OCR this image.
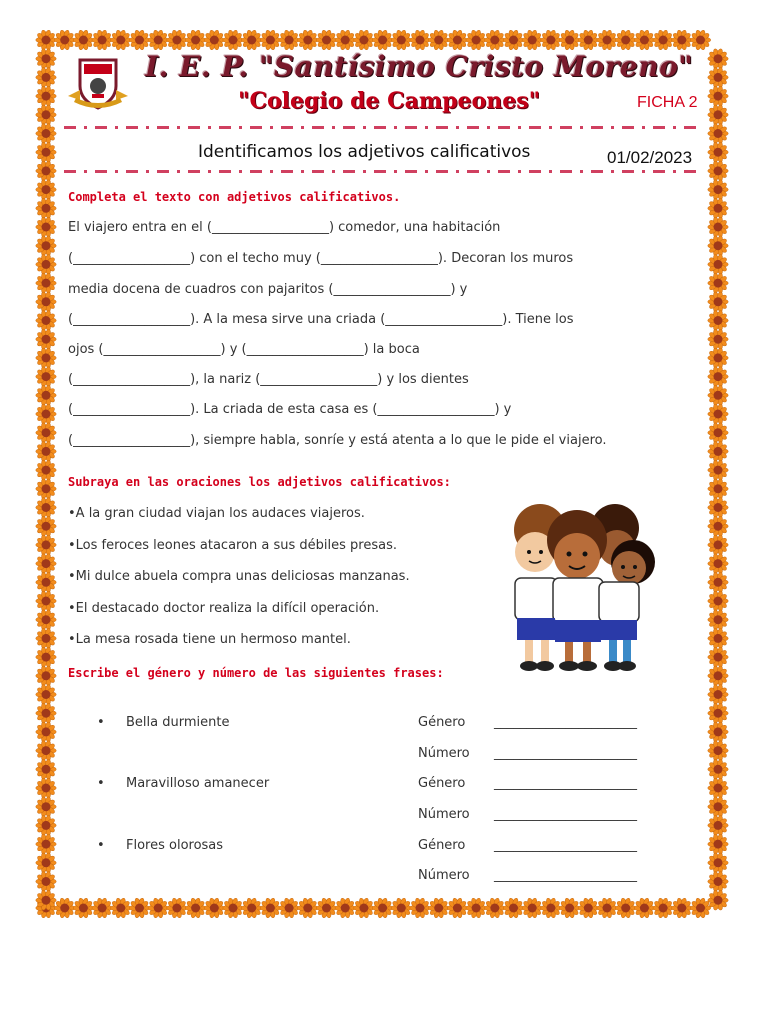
I. E. P. "Santísimo Cristo Moreno"
"Colegio de Campeones"	FICHA 2
Identificamos los adjetivos calificativos	01/02/2023
Completa el texto con adjetivos calificativos.
El viajero entra en el (__________________) comedor, una habitación
(__________________) con el techo muy (__________________). Decoran los muros
media docena de cuadros con pajaritos (__________________) y
(__________________). A la mesa sirve una criada (__________________). Tiene los
ojos (__________________) y (__________________) la boca
(__________________), la nariz (__________________) y los dientes
(__________________). La criada de esta casa es (__________________) y
(__________________), siempre habla, sonríe y está atenta a lo que le pide el viajero.
Subraya en las oraciones los adjetivos calificativos:
•A la gran ciudad viajan los audaces viajeros.
•Los feroces leones atacaron a sus débiles presas.
•Mi dulce abuela compra unas deliciosas manzanas.
•El destacado doctor realiza la difícil operación.
•La mesa rosada tiene un hermoso mantel.
Escribe el género y número de las siguientes frases:
• Bella durmiente	Género ______________________
Número ______________________
• Maravilloso amanecer	Género ______________________
Número ______________________
• Flores olorosas	Género ______________________
Número ______________________
